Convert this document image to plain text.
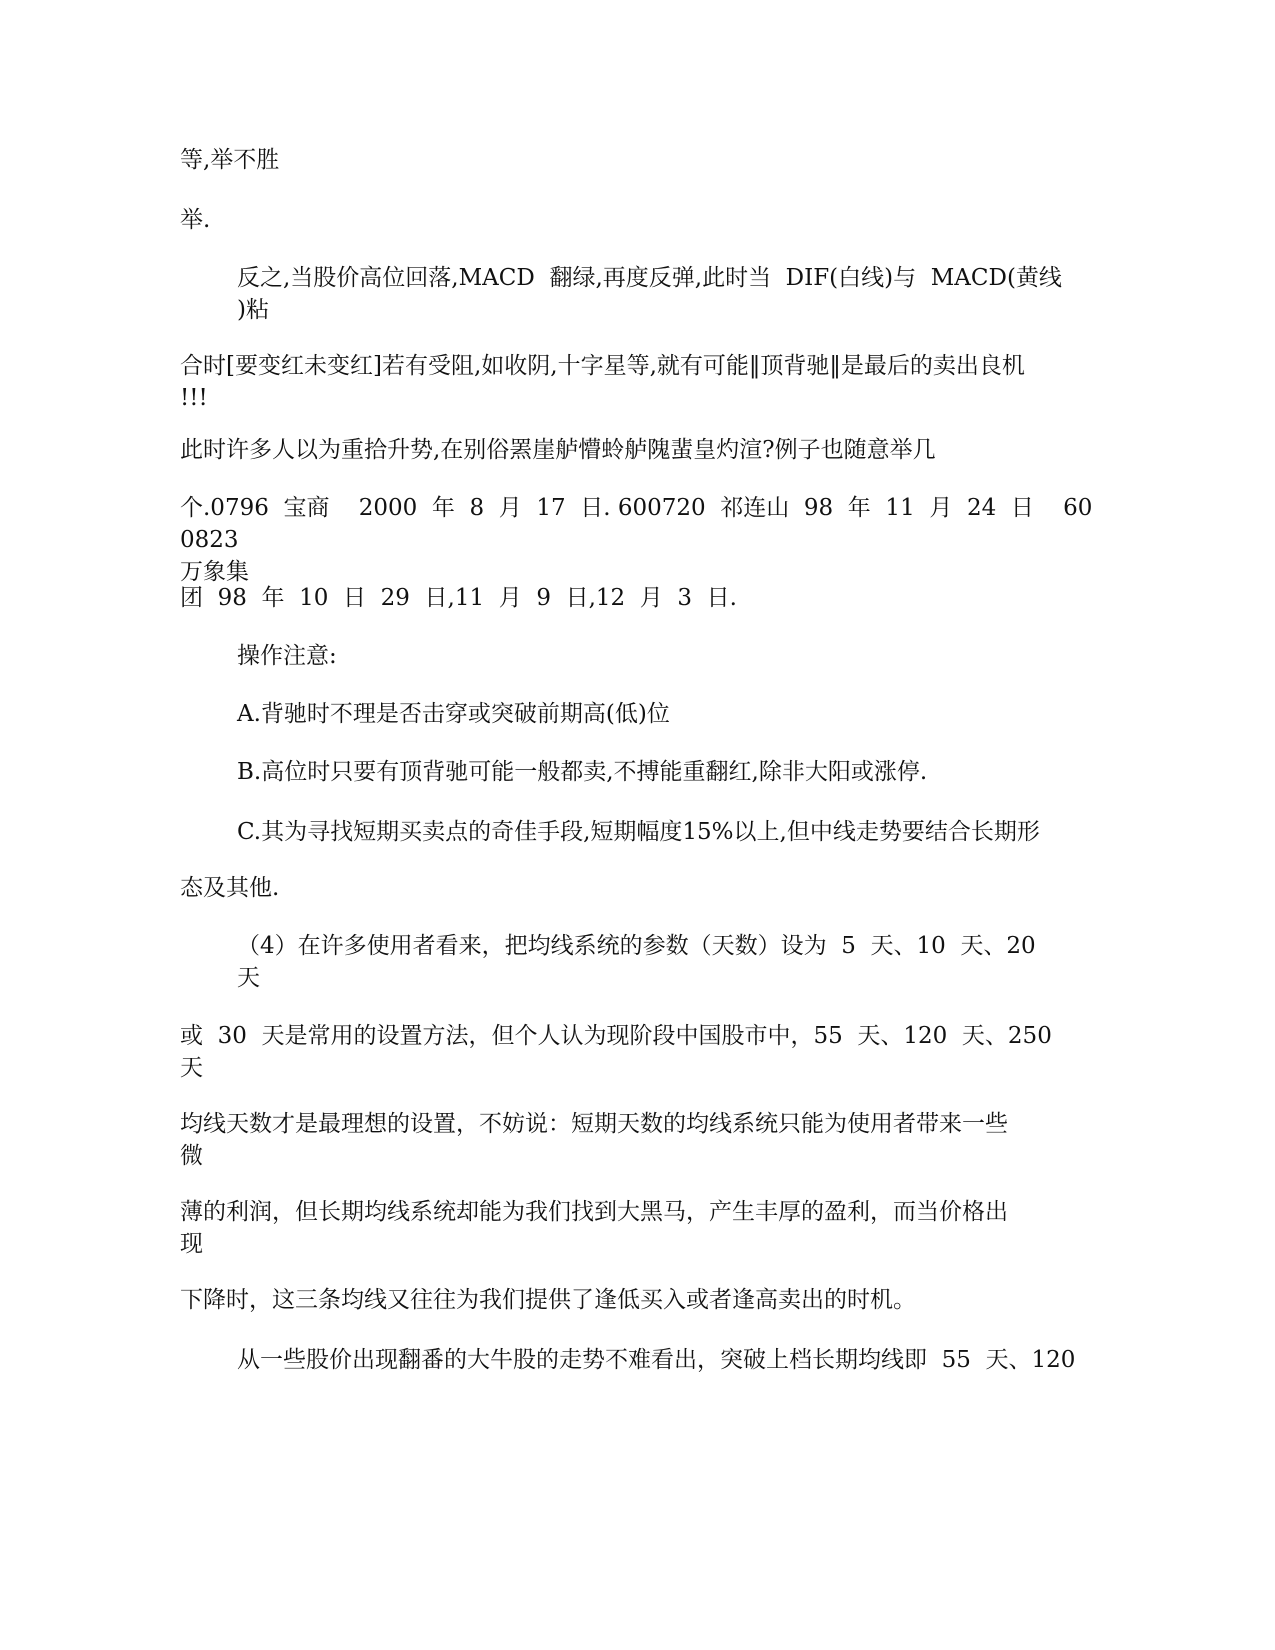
等,举不胜
举.
反之,当股价高位回落,MACD  翻绿,再度反弹,此时当  DIF(白线)与  MACD(黄线
)粘
合时[要变红未变红]若有受阻,如收阴,十字星等,就有可能‖顶背驰‖是最后的卖出良机
!!!
此时许多人以为重拾升势,在别俗罴崖舻懵蛉舻隗蜚皇灼渲?例子也随意举几
个.0796  宝商    2000  年  8  月  17  日. 600720  祁连山  98  年  11  月  24  日    600823
万象集
团  98  年  10  日  29  日,11  月  9  日,12  月  3  日.
操作注意:
A.背驰时不理是否击穿或突破前期高(低)位
B.高位时只要有顶背驰可能一般都卖,不搏能重翻红,除非大阳或涨停.
C.其为寻找短期买卖点的奇佳手段,短期幅度15%以上,但中线走势要结合长期形
态及其他.
（4）在许多使用者看来，把均线系统的参数（天数）设为  5  天、10  天、20
天
或  30  天是常用的设置方法，但个人认为现阶段中国股市中，55  天、120  天、250
天
均线天数才是最理想的设置，不妨说：短期天数的均线系统只能为使用者带来一些
微
薄的利润，但长期均线系统却能为我们找到大黑马，产生丰厚的盈利，而当价格出
现
下降时，这三条均线又往往为我们提供了逢低买入或者逢高卖出的时机。
从一些股价出现翻番的大牛股的走势不难看出，突破上档长期均线即  55  天、120
